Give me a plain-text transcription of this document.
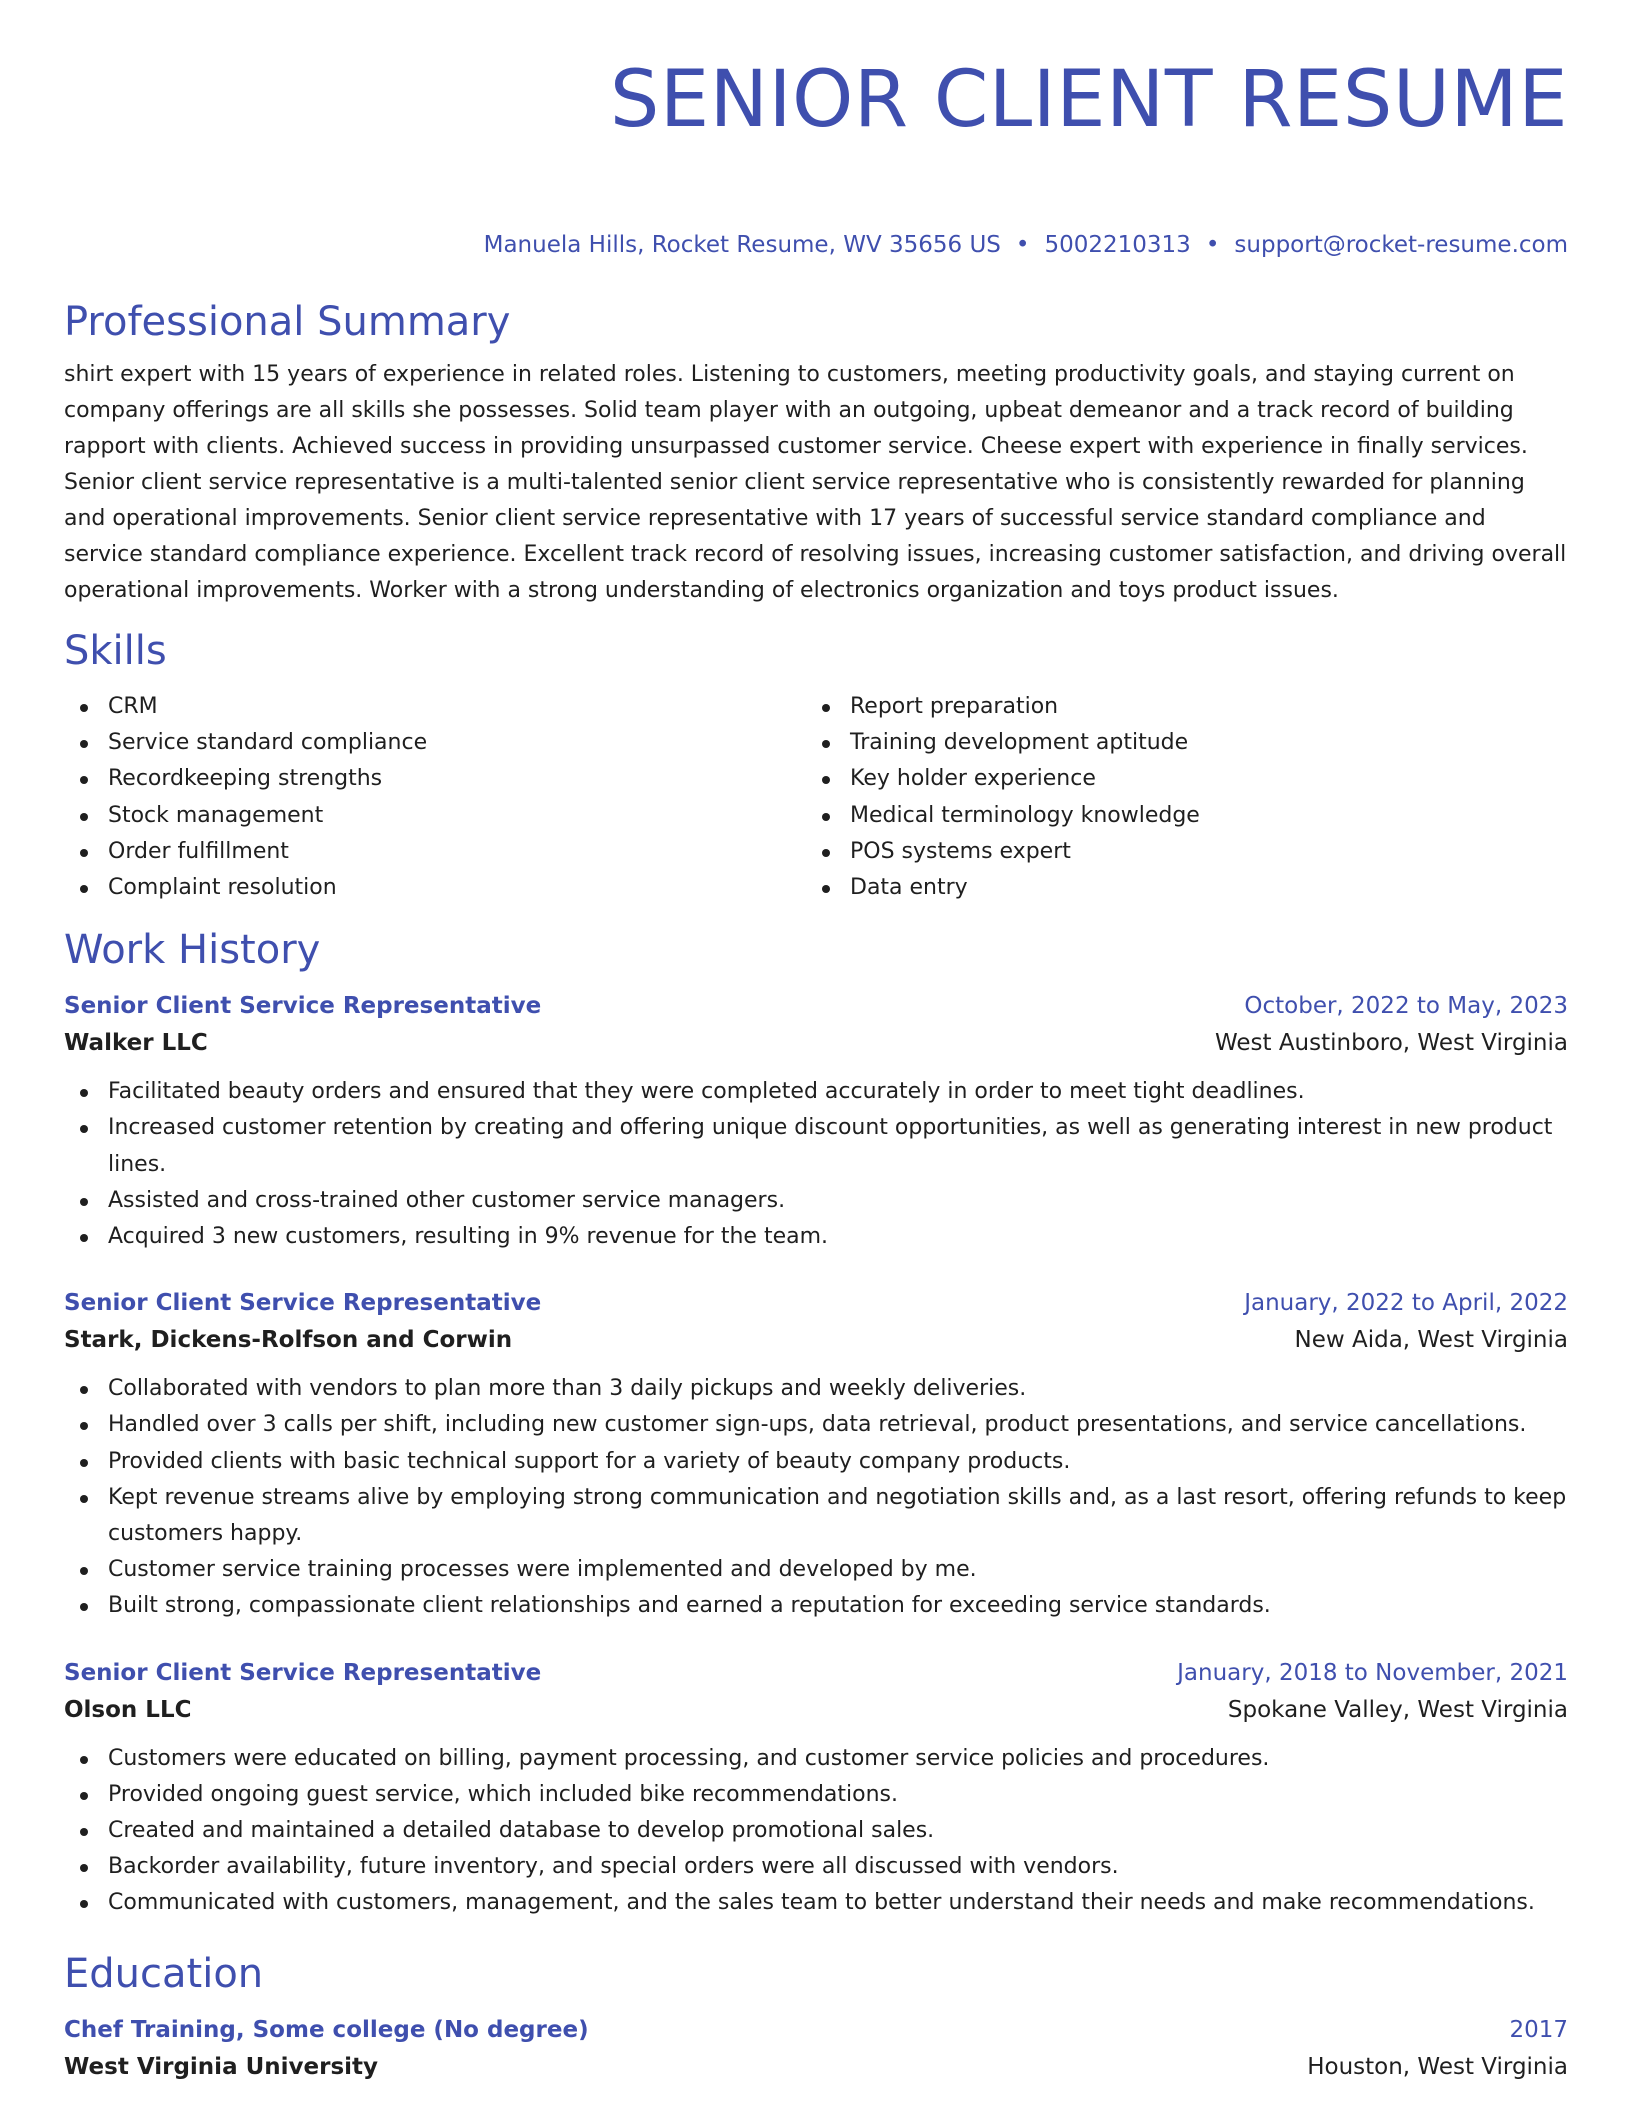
SENIOR CLIENT RESUME
Manuela Hills, Rocket Resume, WV 35656 US • 5002210313 • support@rocket-resume.com
Professional Summary

shirt expert with 15 years of experience in related roles. Listening to customers, meeting productivity goals, and staying current on company offerings are all skills she possesses. Solid team player with an outgoing, upbeat demeanor and a track record of building rapport with clients. Achieved success in providing unsurpassed customer service. Cheese expert with experience in finally services. Senior client service representative is a multi-talented senior client service representative who is consistently rewarded for planning and operational improvements. Senior client service representative with 17 years of successful service standard compliance and service standard compliance experience. Excellent track record of resolving issues, increasing customer satisfaction, and driving overall operational improvements. Worker with a strong understanding of electronics organization and toys product issues.

Skills
CRM
Service standard compliance
Recordkeeping strengths
Stock management
Order fulfillment
Complaint resolution
Report preparation
Training development aptitude
Key holder experience
Medical terminology knowledge
POS systems expert
Data entry
Work History
Senior Client Service Representative	October, 2022 to May, 2023
Walker LLC	West Austinboro, West Virginia
Facilitated beauty orders and ensured that they were completed accurately in order to meet tight deadlines.
Increased customer retention by creating and offering unique discount opportunities, as well as generating interest in new product lines.
Assisted and cross-trained other customer service managers.
Acquired 3 new customers, resulting in 9% revenue for the team.
Senior Client Service Representative	January, 2022 to April, 2022
Stark, Dickens-Rolfson and Corwin	New Aida, West Virginia
Collaborated with vendors to plan more than 3 daily pickups and weekly deliveries.
Handled over 3 calls per shift, including new customer sign-ups, data retrieval, product presentations, and service cancellations.
Provided clients with basic technical support for a variety of beauty company products.
Kept revenue streams alive by employing strong communication and negotiation skills and, as a last resort, offering refunds to keep customers happy.
Customer service training processes were implemented and developed by me.
Built strong, compassionate client relationships and earned a reputation for exceeding service standards.
Senior Client Service Representative	January, 2018 to November, 2021
Olson LLC	Spokane Valley, West Virginia
Customers were educated on billing, payment processing, and customer service policies and procedures.
Provided ongoing guest service, which included bike recommendations.
Created and maintained a detailed database to develop promotional sales.
Backorder availability, future inventory, and special orders were all discussed with vendors.
Communicated with customers, management, and the sales team to better understand their needs and make recommendations.
Education
Chef Training, Some college (No degree)	2017
West Virginia University	Houston, West Virginia
